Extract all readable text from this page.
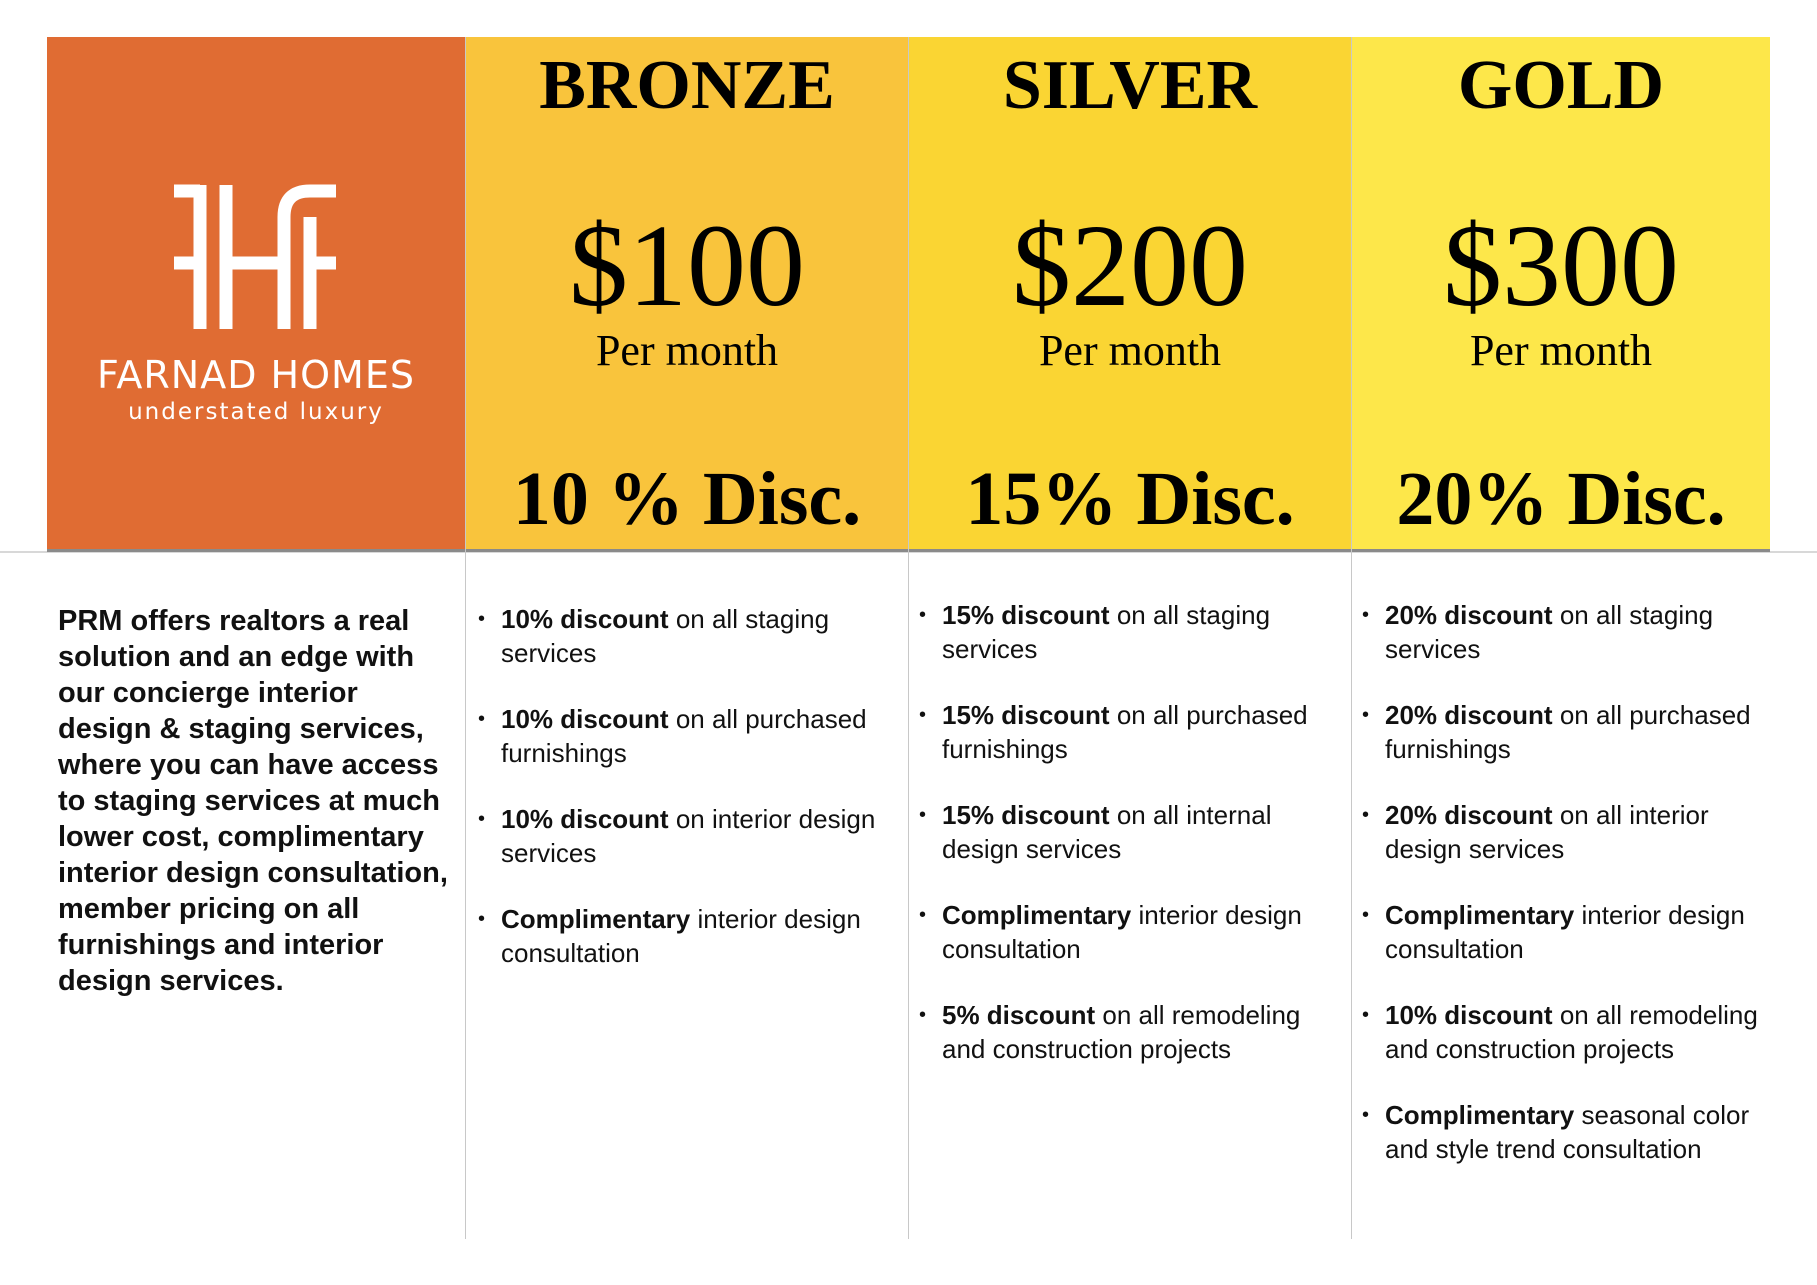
FARNAD HOMES
understated luxury
BRONZE
$100
Per month
10 % Disc.
SILVER
$200
Per month
15% Disc.
GOLD
$300
Per month
20% Disc.
PRM offers realtors a real solution and an edge with our concierge interior design & staging services, where you can have access to staging services at much lower cost, complimentary interior design consultation, member pricing on all furnishings and interior design services.
• 10% discount on all staging services
• 10% discount on all purchased furnishings
• 10% discount on interior design services
• Complimentary interior design consultation
• 15% discount on all staging services
• 15% discount on all purchased furnishings
• 15% discount on all internal design services
• Complimentary interior design consultation
• 5% discount on all remodeling and construction projects
• 20% discount on all staging services
• 20% discount on all purchased furnishings
• 20% discount on all interior design services
• Complimentary interior design consultation
• 10% discount on all remodeling and construction projects
• Complimentary seasonal color and style trend consultation
